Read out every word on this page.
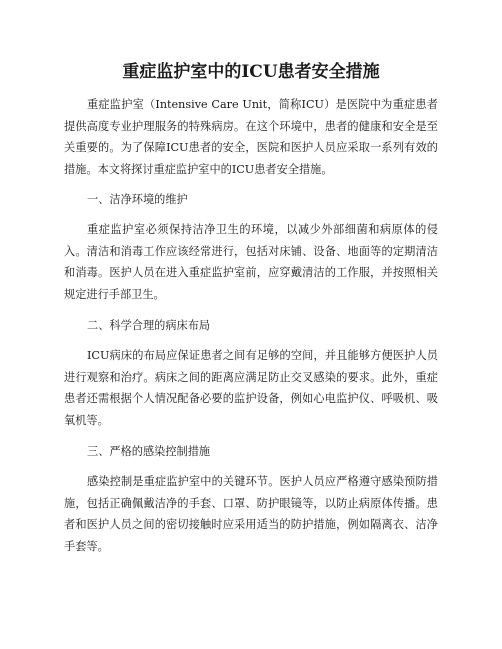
重症监护室中的ICU患者安全措施

重症监护室（Intensive Care Unit，简称ICU）是医院中为重症患者提供高度专业护理服务的特殊病房。在这个环境中，患者的健康和安全是至关重要的。为了保障ICU患者的安全，医院和医护人员应采取一系列有效的措施。本文将探讨重症监护室中的ICU患者安全措施。

一、洁净环境的维护

重症监护室必须保持洁净卫生的环境，以减少外部细菌和病原体的侵入。清洁和消毒工作应该经常进行，包括对床铺、设备、地面等的定期清洁和消毒。医护人员在进入重症监护室前，应穿戴清洁的工作服，并按照相关规定进行手部卫生。

二、科学合理的病床布局

ICU病床的布局应保证患者之间有足够的空间，并且能够方便医护人员进行观察和治疗。病床之间的距离应满足防止交叉感染的要求。此外，重症患者还需根据个人情况配备必要的监护设备，例如心电监护仪、呼吸机、吸氧机等。

三、严格的感染控制措施

感染控制是重症监护室中的关键环节。医护人员应严格遵守感染预防措施，包括正确佩戴洁净的手套、口罩、防护眼镜等，以防止病原体传播。患者和医护人员之间的密切接触时应采用适当的防护措施，例如隔离衣、洁净手套等。
